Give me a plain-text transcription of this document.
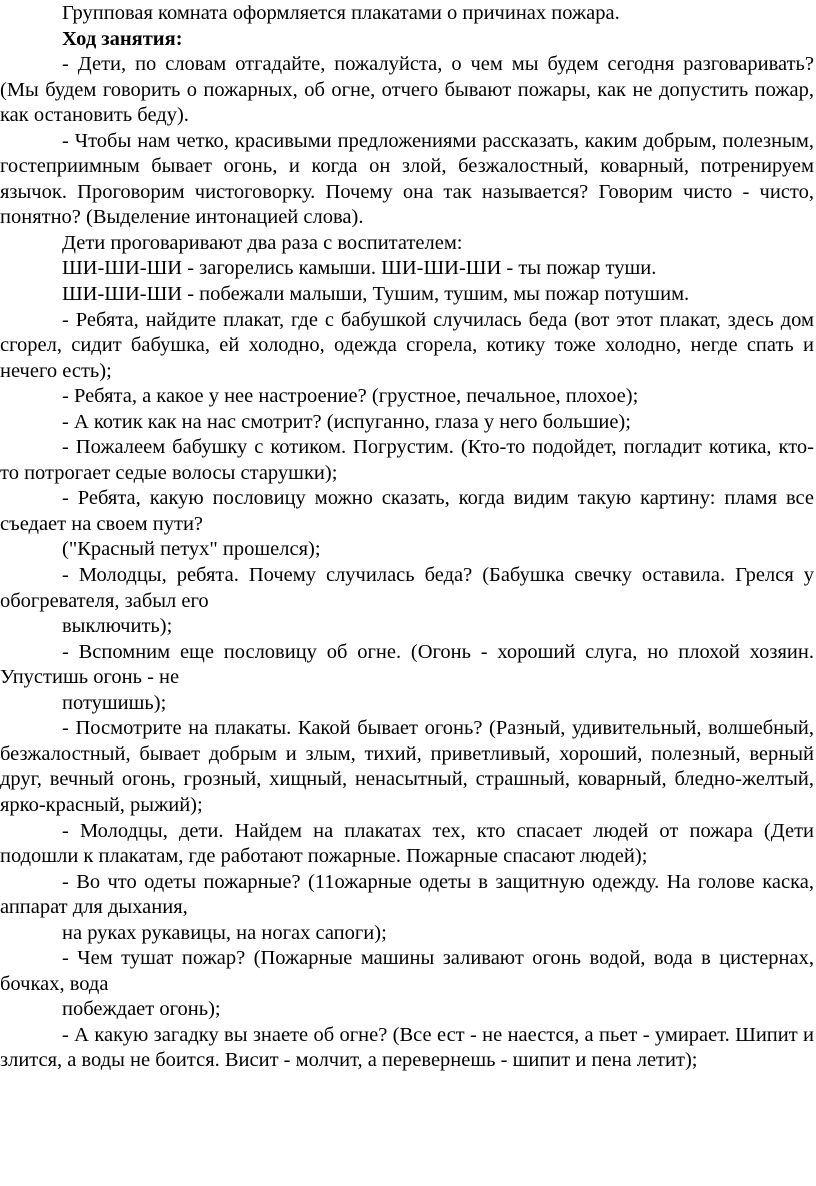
Групповая комната оформляется плакатами о причинах пожара.

Ход занятия:

- Дети, по словам отгадайте, пожалуйста, о чем мы будем сегодня разговаривать? (Мы будем говорить о пожарных, об огне, отчего бывают пожары, как не допустить пожар, как остановить беду).

- Чтобы нам четко, красивыми предложениями рассказать, каким добрым, полезным, гостеприимным бывает огонь, и когда он злой, безжалостный, коварный, потренируем язычок. Проговорим чистоговорку. Почему она так называется? Говорим чисто - чисто, понятно? (Выделение интонацией слова).

Дети проговаривают два раза с воспитателем:

ШИ-ШИ-ШИ - загорелись камыши. ШИ-ШИ-ШИ - ты пожар туши.

ШИ-ШИ-ШИ - побежали малыши, Тушим, тушим, мы пожар потушим.

- Ребята, найдите плакат, где с бабушкой случилась беда (вот этот плакат, здесь дом сгорел, сидит бабушка, ей холодно, одежда сгорела, котику тоже холодно, негде спать и нечего есть);

- Ребята, а какое у нее настроение? (грустное, печальное, плохое);

- А котик как на нас смотрит? (испуганно, глаза у него большие);

- Пожалеем бабушку с котиком. Погрустим. (Кто-то подойдет, погладит котика, кто-то потрогает седые волосы старушки);

- Ребята, какую пословицу можно сказать, когда видим такую картину: пламя все съедает на своем пути?

("Красный петух" прошелся);

- Молодцы, ребята. Почему случилась беда? (Бабушка свечку оставила. Грелся у обогревателя, забыл его

выключить);

- Вспомним еще пословицу об огне. (Огонь - хороший слуга, но плохой хозяин. Упустишь огонь - не

потушишь);

- Посмотрите на плакаты. Какой бывает огонь? (Разный, удивительный, волшебный, безжалостный, бывает добрым и злым, тихий, приветливый, хороший, полезный, верный друг, вечный огонь, грозный, хищный, ненасытный, страшный, коварный, бледно-желтый, ярко-красный, рыжий);

- Молодцы, дети. Найдем на плакатах тех, кто спасает людей от пожара (Дети подошли к плакатам, где работают пожарные. Пожарные спасают людей);

- Во что одеты пожарные? (11ожарные одеты в защитную одежду. На голове каска, аппарат для дыхания,

на руках рукавицы, на ногах сапоги);

- Чем тушат пожар? (Пожарные машины заливают огонь водой, вода в цистернах, бочках, вода

побеждает огонь);

- А какую загадку вы знаете об огне? (Все ест - не наестся, а пьет - умирает. Шипит и злится, а воды не боится. Висит - молчит, а перевернешь - шипит и пена летит);
